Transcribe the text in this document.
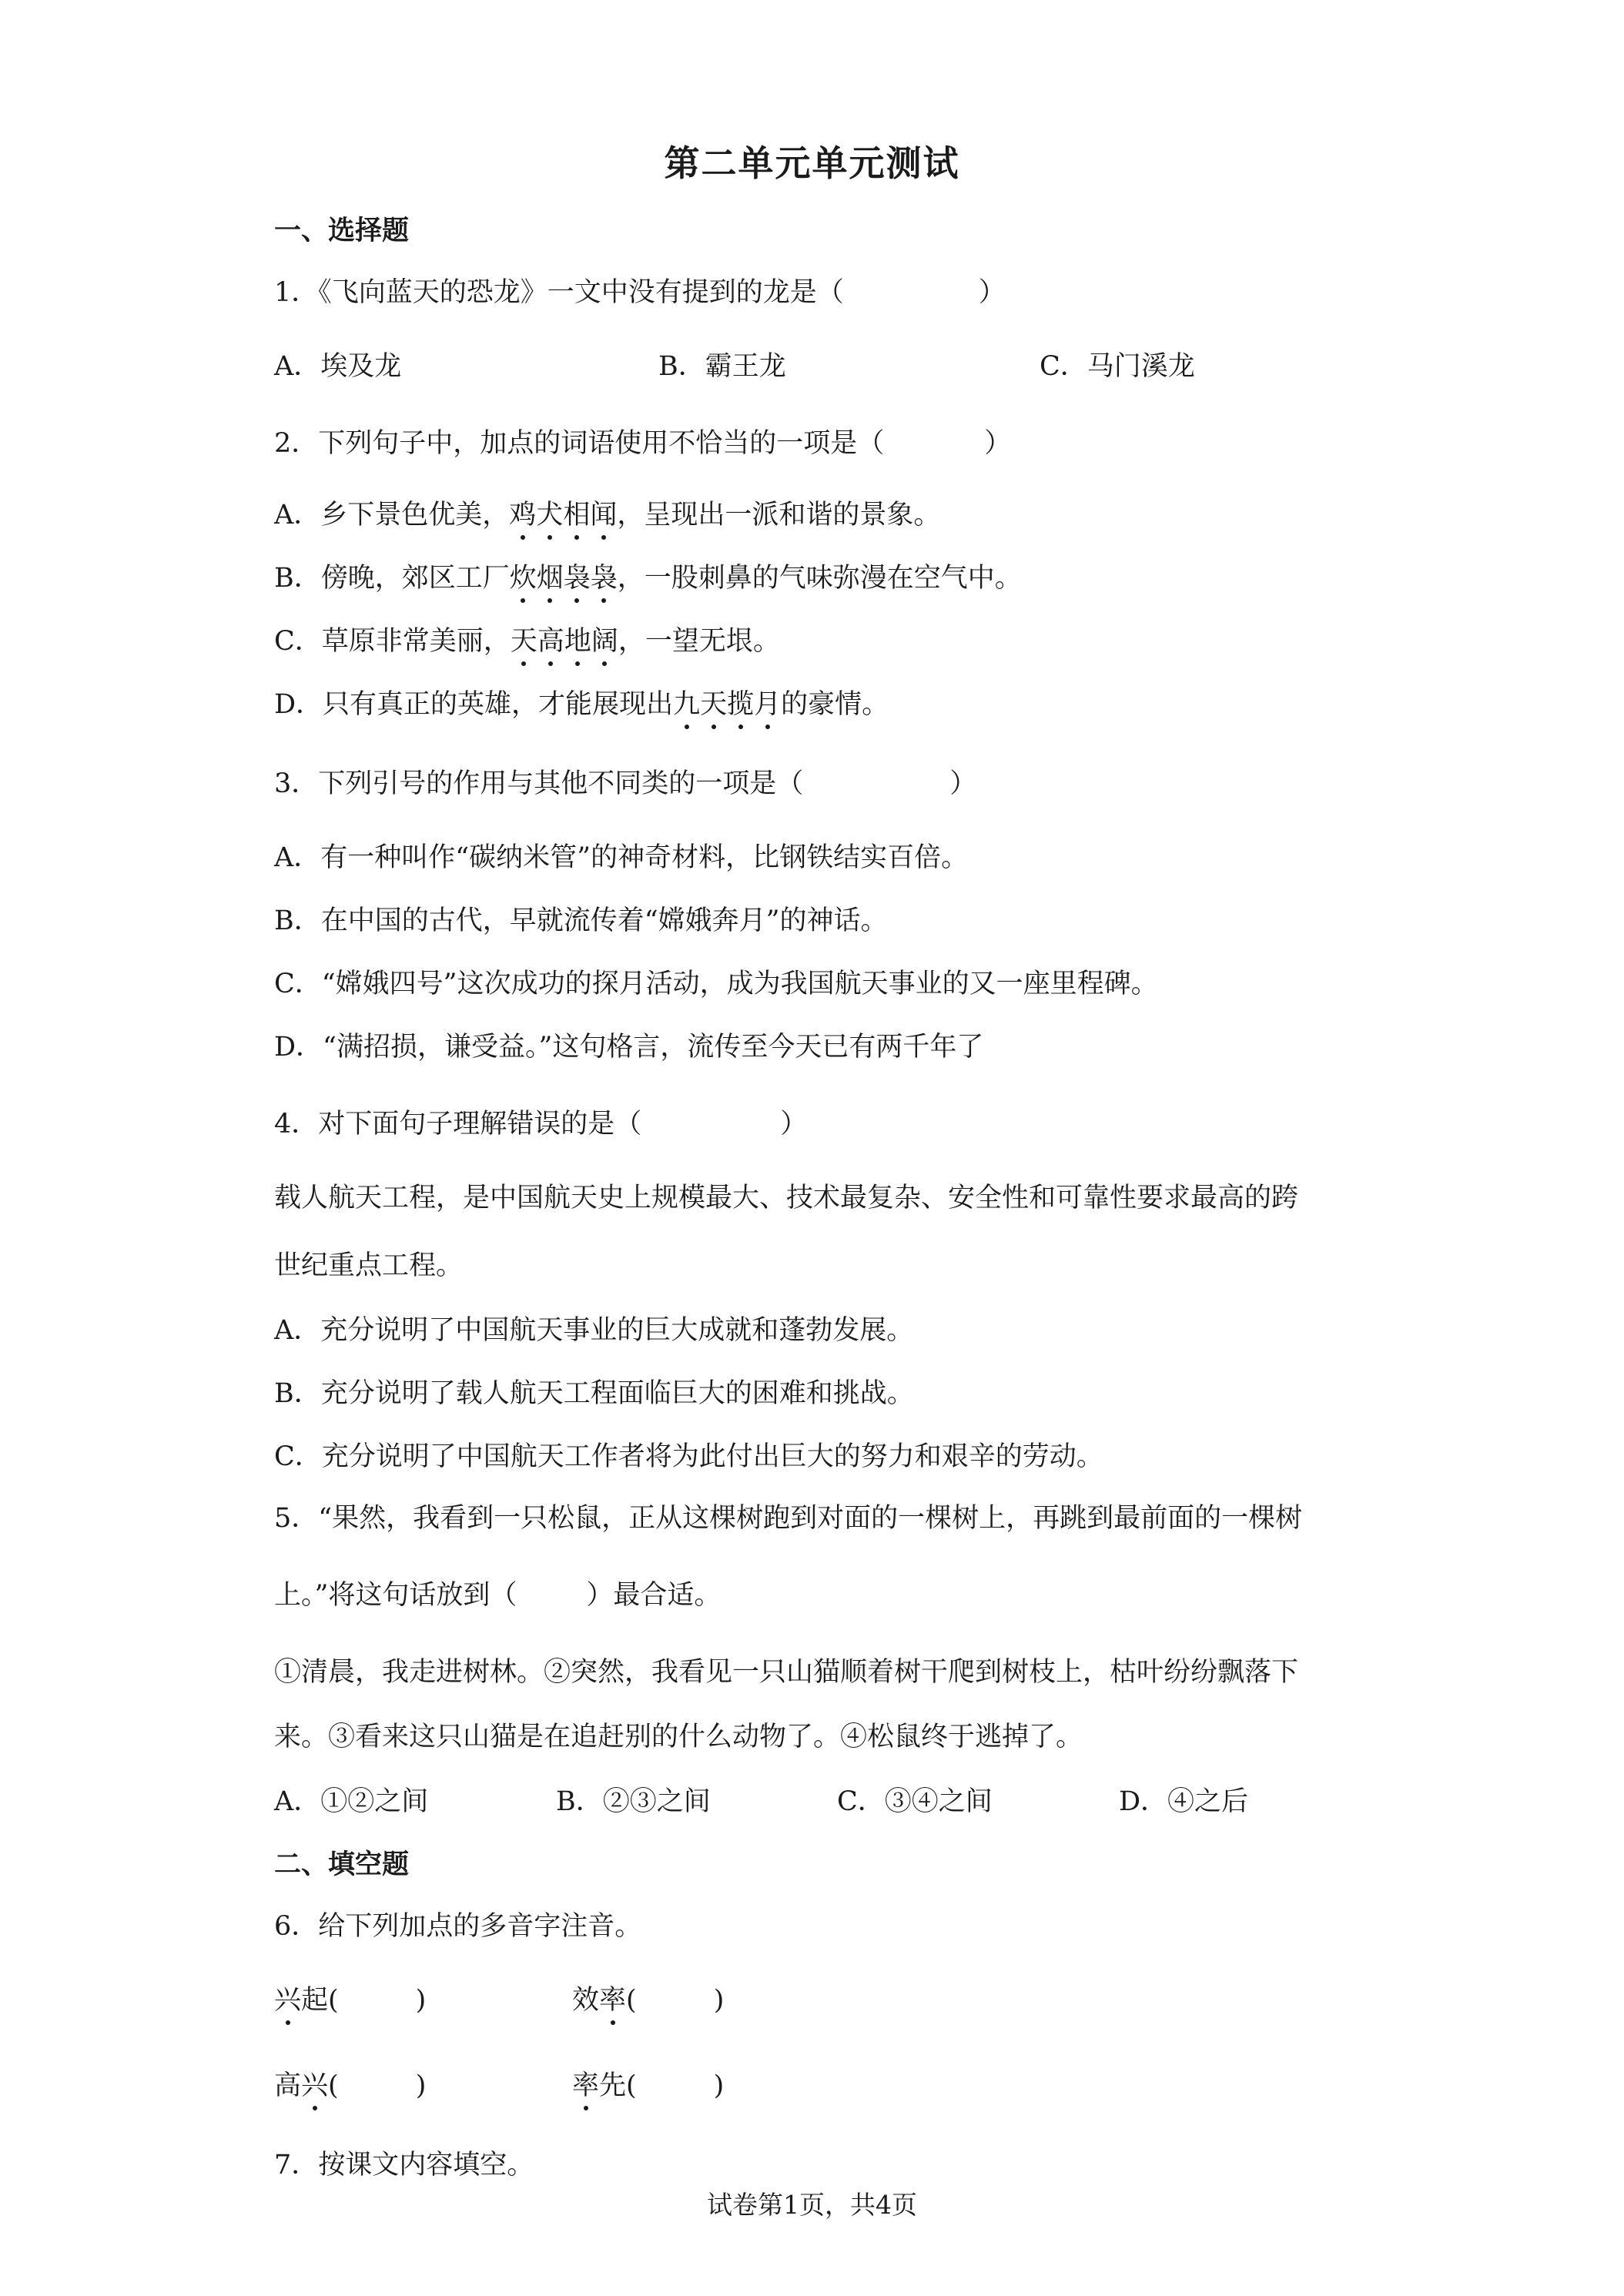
第二单元单元测试
一、选择题
1．《飞向蓝天的恐龙》一文中没有提到的龙是（	）
A．埃及龙	B．霸王龙	C．马门溪龙
2．下列句子中，加点的词语使用不恰当的一项是（	）
A．乡下景色优美，鸡犬相闻，呈现出一派和谐的景象。
B．傍晚，郊区工厂炊烟袅袅，一股刺鼻的气味弥漫在空气中。
C．草原非常美丽，天高地阔，一望无垠。
D．只有真正的英雄，才能展现出九天揽月的豪情。
3．下列引号的作用与其他不同类的一项是（	）
A．有一种叫作“碳纳米管”的神奇材料，比钢铁结实百倍。
B．在中国的古代，早就流传着“嫦娥奔月”的神话。
C．“嫦娥四号”这次成功的探月活动，成为我国航天事业的又一座里程碑。
D．“满招损，谦受益。”这句格言，流传至今天已有两千年了
4．对下面句子理解错误的是（	）
载人航天工程，是中国航天史上规模最大、技术最复杂、安全性和可靠性要求最高的跨
世纪重点工程。
A．充分说明了中国航天事业的巨大成就和蓬勃发展。
B．充分说明了载人航天工程面临巨大的困难和挑战。
C．充分说明了中国航天工作者将为此付出巨大的努力和艰辛的劳动。
5．“果然，我看到一只松鼠，正从这棵树跑到对面的一棵树上，再跳到最前面的一棵树
上。”将这句话放到（	）最合适。
①清晨，我走进树林。②突然，我看见一只山猫顺着树干爬到树枝上，枯叶纷纷飘落下
来。③看来这只山猫是在追赶别的什么动物了。④松鼠终于逃掉了。
A．①②之间	B．②③之间	C．③④之间	D．④之后
二、填空题
6．给下列加点的多音字注音。
兴起(	)	效率(	)
高兴(	)	率先(	)
7．按课文内容填空。
试卷第1页，共4页
